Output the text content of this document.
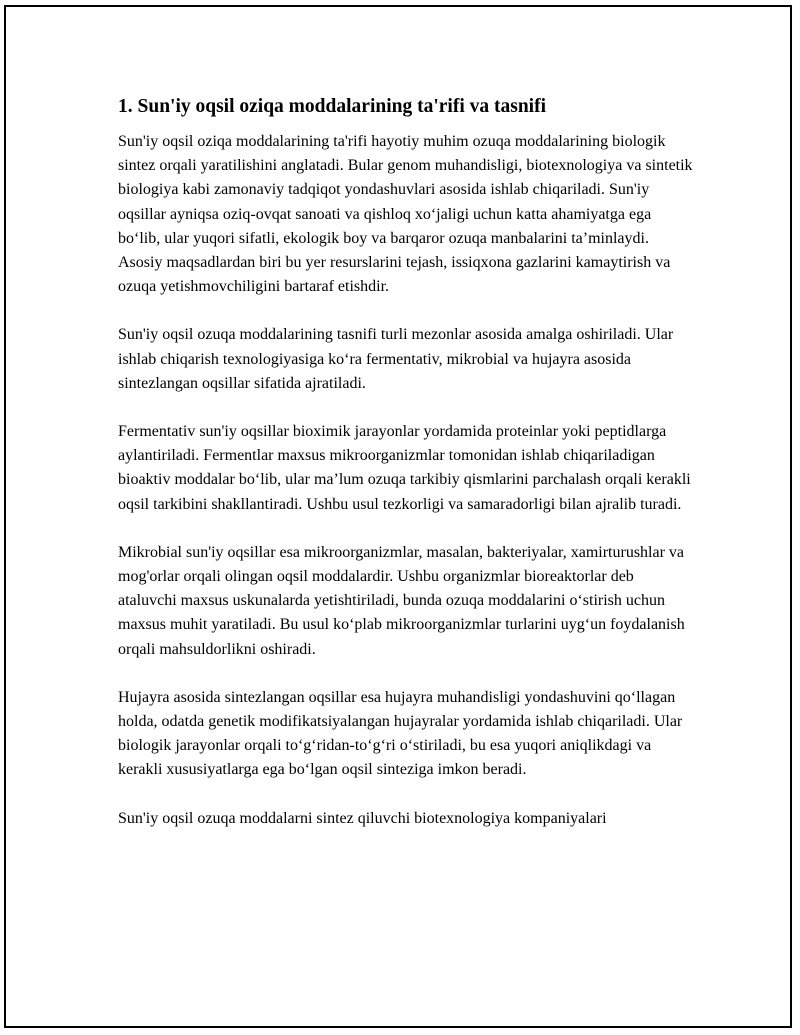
1. Sun'iy oqsil oziqa moddalarining ta'rifi va tasnifi

Sun'iy oqsil oziqa moddalarining ta'rifi hayotiy muhim ozuqa moddalarining biologik sintez orqali yaratilishini anglatadi. Bular genom muhandisligi, biotexnologiya va sintetik biologiya kabi zamonaviy tadqiqot yondashuvlari asosida ishlab chiqariladi. Sun'iy oqsillar ayniqsa oziq-ovqat sanoati va qishloq xo‘jaligi uchun katta ahamiyatga ega bo‘lib, ular yuqori sifatli, ekologik boy va barqaror ozuqa manbalarini ta’minlaydi. Asosiy maqsadlardan biri bu yer resurslarini tejash, issiqxona gazlarini kamaytirish va ozuqa yetishmovchiligini bartaraf etishdir.

Sun'iy oqsil ozuqa moddalarining tasnifi turli mezonlar asosida amalga oshiriladi. Ular ishlab chiqarish texnologiyasiga ko‘ra fermentativ, mikrobial va hujayra asosida sintezlangan oqsillar sifatida ajratiladi.

Fermentativ sun'iy oqsillar bioximik jarayonlar yordamida proteinlar yoki peptidlarga aylantiriladi. Fermentlar maxsus mikroorganizmlar tomonidan ishlab chiqariladigan bioaktiv moddalar bo‘lib, ular ma’lum ozuqa tarkibiy qismlarini parchalash orqali kerakli oqsil tarkibini shakllantiradi. Ushbu usul tezkorligi va samaradorligi bilan ajralib turadi.

Mikrobial sun'iy oqsillar esa mikroorganizmlar, masalan, bakteriyalar, xamirturushlar va mog'orlar orqali olingan oqsil moddalardir. Ushbu organizmlar bioreaktorlar deb ataluvchi maxsus uskunalarda yetishtiriladi, bunda ozuqa moddalarini o‘stirish uchun maxsus muhit yaratiladi. Bu usul ko‘plab mikroorganizmlar turlarini uyg‘un foydalanish orqali mahsuldorlikni oshiradi.

Hujayra asosida sintezlangan oqsillar esa hujayra muhandisligi yondashuvini qo‘llagan holda, odatda genetik modifikatsiyalangan hujayralar yordamida ishlab chiqariladi. Ular biologik jarayonlar orqali to‘g‘ridan-to‘g‘ri o‘stiriladi, bu esa yuqori aniqlikdagi va kerakli xususiyatlarga ega bo‘lgan oqsil sinteziga imkon beradi.

Sun'iy oqsil ozuqa moddalarni sintez qiluvchi biotexnologiya kompaniyalari
